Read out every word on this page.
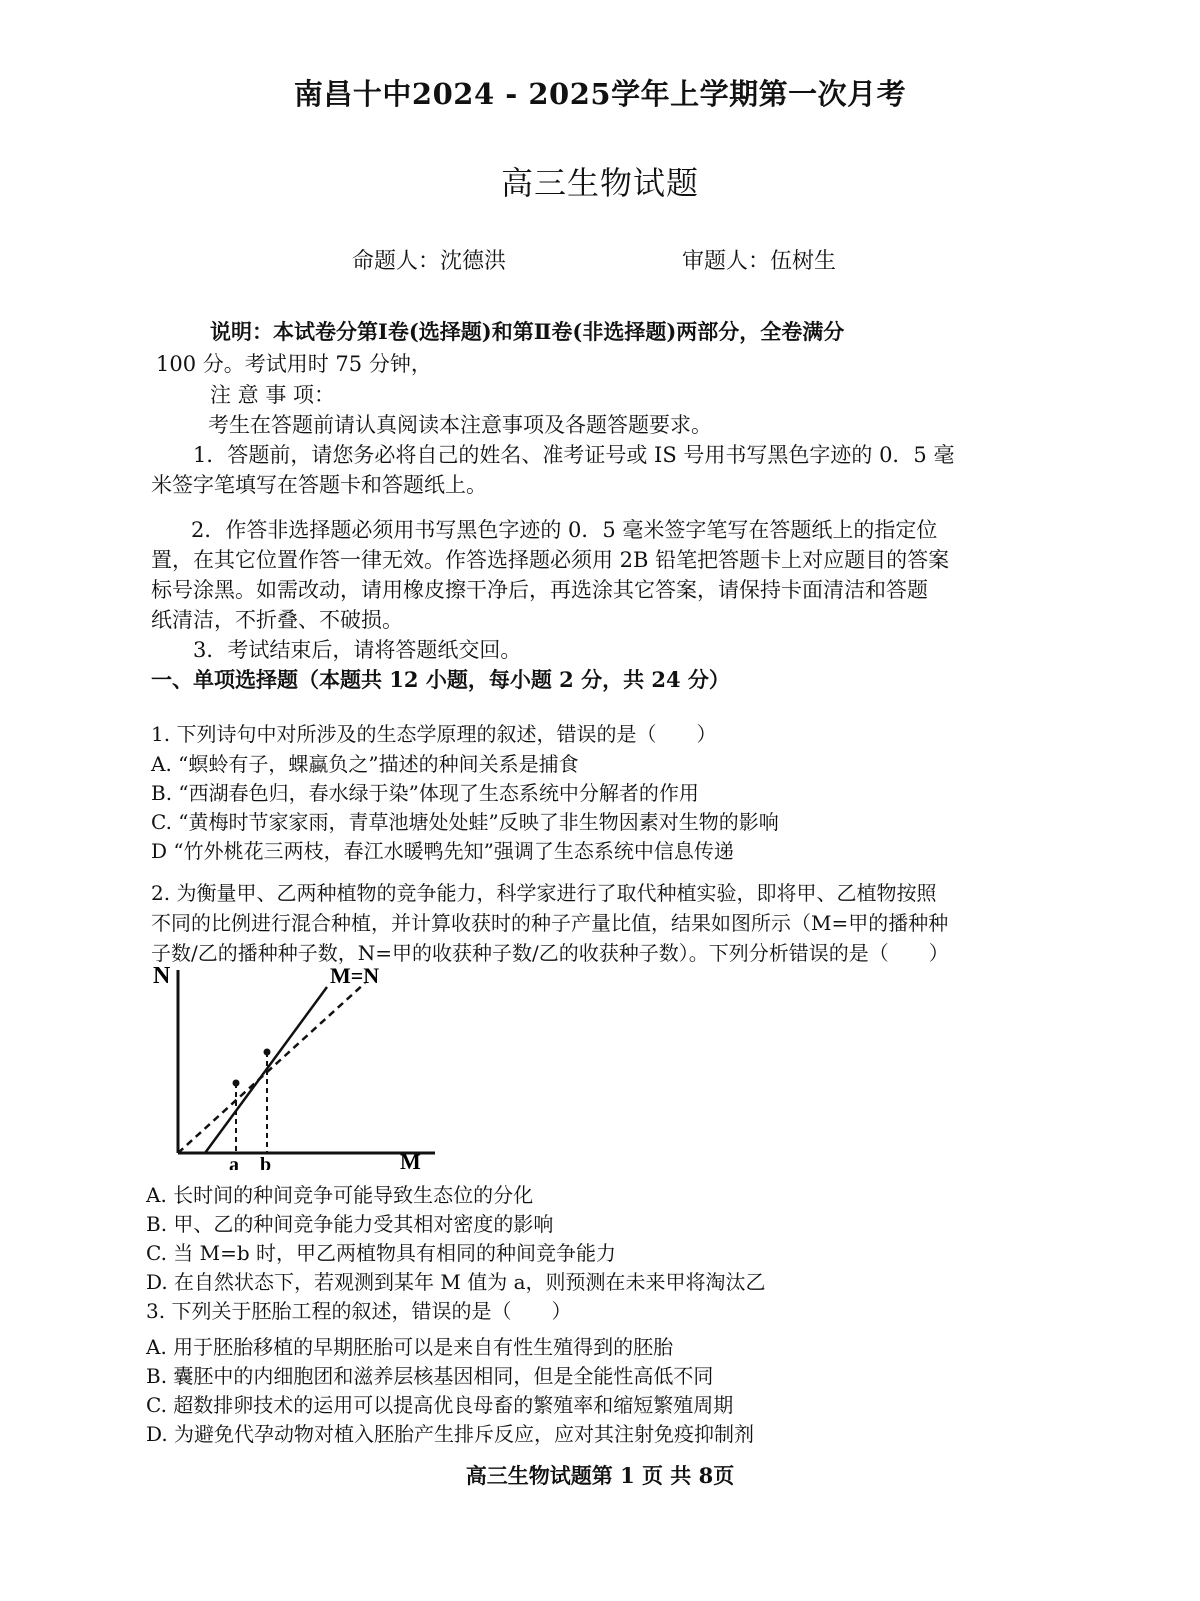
南昌十中2024 - 2025学年上学期第一次月考
高三生物试题
命题人：沈德洪	审题人：伍树生
说明：本试卷分第Ⅰ卷(选择题)和第Ⅱ卷(非选择题)两部分，全卷满分
100 分。考试用时 75 分钟，
注 意 事 项：
考生在答题前请认真阅读本注意事项及各题答题要求。
1．答题前，请您务必将自己的姓名、准考证号或 IS 号用书写黑色字迹的 0．5 毫
米签字笔填写在答题卡和答题纸上。
2．作答非选择题必须用书写黑色字迹的 0．5 毫米签字笔写在答题纸上的指定位
置，在其它位置作答一律无效。作答选择题必须用 2B 铅笔把答题卡上对应题目的答案
标号涂黑。如需改动，请用橡皮擦干净后，再选涂其它答案，请保持卡面清洁和答题
纸清洁，不折叠、不破损。
3．考试结束后，请将答题纸交回。
一、单项选择题（本题共 12 小题，每小题 2 分，共 24 分）
1. 下列诗句中对所涉及的生态学原理的叙述，错误的是（　　）
A. “螟蛉有子，蜾蠃负之”描述的种间关系是捕食
B. “西湖春色归，春水绿于染”体现了生态系统中分解者的作用
C. “黄梅时节家家雨，青草池塘处处蛙”反映了非生物因素对生物的影响
D “竹外桃花三两枝，春江水暖鸭先知”强调了生态系统中信息传递
2. 为衡量甲、乙两种植物的竞争能力，科学家进行了取代种植实验，即将甲、乙植物按照
不同的比例进行混合种植，并计算收获时的种子产量比值，结果如图所示（M=甲的播种种
子数/乙的播种种子数，N=甲的收获种子数/乙的收获种子数）。下列分析错误的是（　　）
N
M
M=N
a b
A. 长时间的种间竞争可能导致生态位的分化
B. 甲、乙的种间竞争能力受其相对密度的影响
C. 当 M=b 时，甲乙两植物具有相同的种间竞争能力
D. 在自然状态下，若观测到某年 M 值为 a，则预测在未来甲将淘汰乙
3. 下列关于胚胎工程的叙述，错误的是（　　）
A. 用于胚胎移植的早期胚胎可以是来自有性生殖得到的胚胎
B. 囊胚中的内细胞团和滋养层核基因相同，但是全能性高低不同
C. 超数排卵技术的运用可以提高优良母畜的繁殖率和缩短繁殖周期
D. 为避免代孕动物对植入胚胎产生排斥反应，应对其注射免疫抑制剂
高三生物试题第 1 页 共 8页
